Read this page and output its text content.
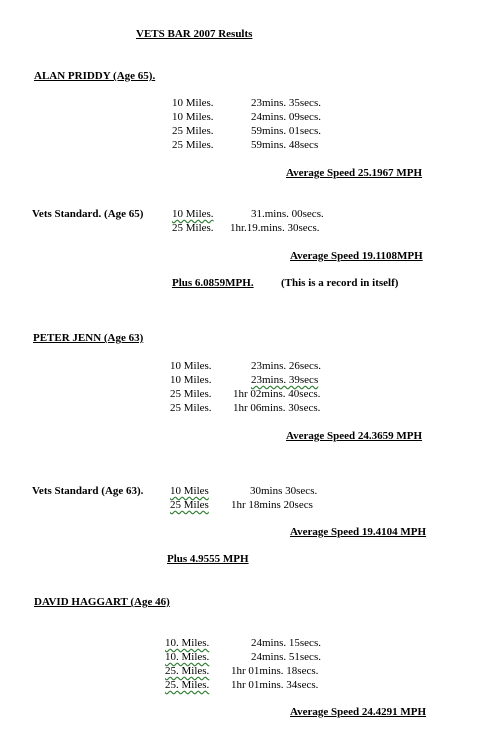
VETS BAR 2007 Results
ALAN PRIDDY (Age 65).
10 Miles.	23mins. 35secs.
10 Miles.	24mins. 09secs.
25 Miles.	59mins. 01secs.
25 Miles.	59mins. 48secs
Average Speed 25.1967 MPH
Vets Standard. (Age 65)	10 Miles.	31.mins. 00secs.
25 Miles. 1hr.19.mins. 30secs.
Average Speed 19.1108MPH
Plus 6.0859MPH. (This is a record in itself)
PETER JENN (Age 63)
10 Miles.	23mins. 26secs.
10 Miles.	23mins. 39secs
25 Miles. 1hr 02mins. 40secs.
25 Miles. 1hr 06mins. 30secs.
Average Speed 24.3659 MPH
Vets Standard (Age 63). 10 Miles	30mins 30secs.
25 Miles 1hr 18mins 20secs
Average Speed 19.4104 MPH
Plus 4.9555 MPH
DAVID HAGGART (Age 46)
10. Miles.	24mins. 15secs.
10. Miles.	24mins. 51secs.
25. Miles. 1hr 01mins. 18secs.
25. Miles. 1hr 01mins. 34secs.
Average Speed 24.4291 MPH
